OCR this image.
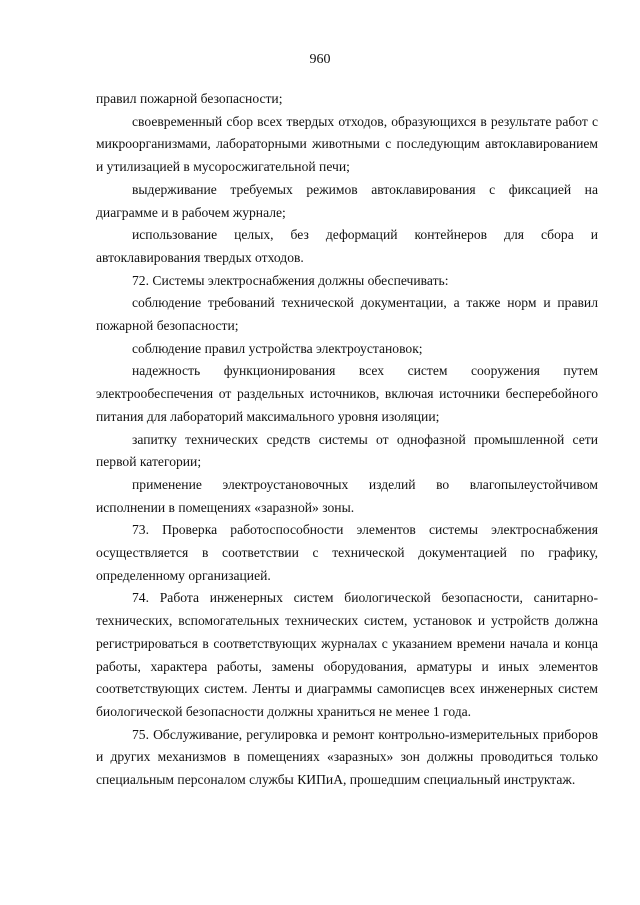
960

правил пожарной безопасности;

своевременный сбор всех твердых отходов, образующихся в результате работ с микроорганизмами, лабораторными животными с последующим автоклавированием и утилизацией в мусоросжигательной печи;

выдерживание требуемых режимов автоклавирования с фиксацией на диаграмме и в рабочем журнале;

использование целых, без деформаций контейнеров для сбора и автоклавирования твердых отходов.

72. Системы электроснабжения должны обеспечивать:

соблюдение требований технической документации, а также норм и правил пожарной безопасности;

соблюдение правил устройства электроустановок;

надежность функционирования всех систем сооружения путем электрообеспечения от раздельных источников, включая источники бесперебойного питания для лабораторий максимального уровня изоляции;

запитку технических средств системы от однофазной промышленной сети первой категории;

применение электроустановочных изделий во влагопылеустойчивом исполнении в помещениях «заразной» зоны.

73. Проверка работоспособности элементов системы электроснабжения осуществляется в соответствии с технической документацией по графику, определенному организацией.

74. Работа инженерных систем биологической безопасности, санитарно-технических, вспомогательных технических систем, установок и устройств должна регистрироваться в соответствующих журналах с указанием времени начала и конца работы, характера работы, замены оборудования, арматуры и иных элементов соответствующих систем. Ленты и диаграммы самописцев всех инженерных систем биологической безопасности должны храниться не менее 1 года.

75. Обслуживание, регулировка и ремонт контрольно-измерительных приборов и других механизмов в помещениях «заразных» зон должны проводиться только специальным персоналом службы КИПиА, прошедшим специальный инструктаж.
